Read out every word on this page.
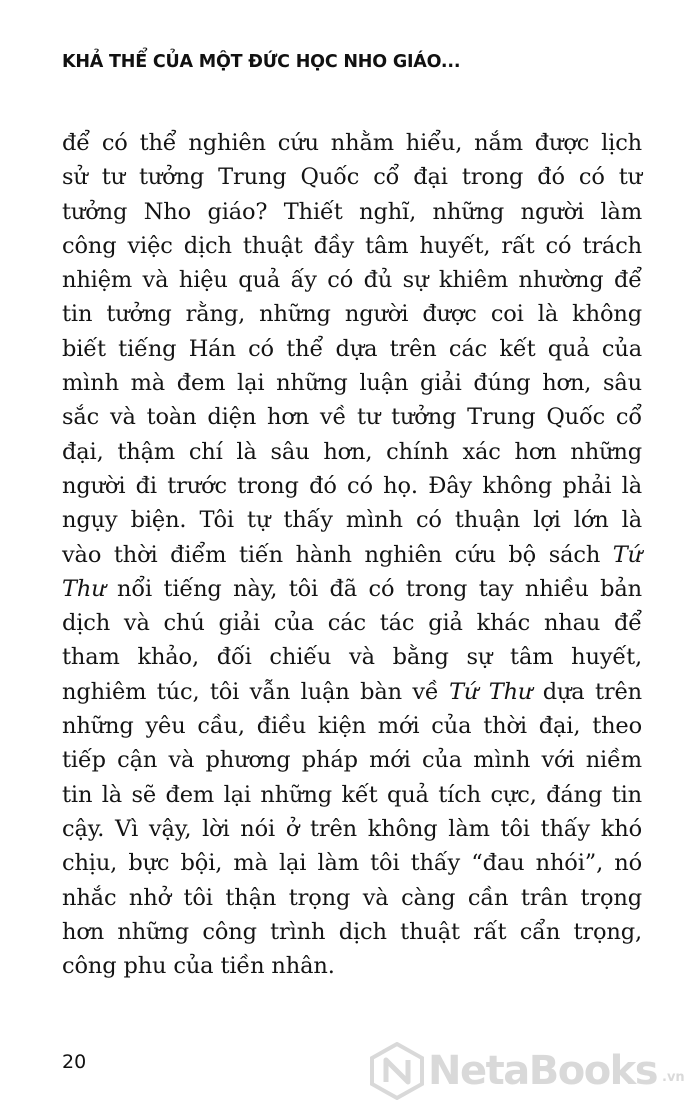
KHẢ THỂ CỦA MỘT ĐỨC HỌC NHO GIÁO...
để có thể nghiên cứu nhằm hiểu, nắm được lịch
sử tư tưởng Trung Quốc cổ đại trong đó có tư
tưởng Nho giáo? Thiết nghĩ, những người làm
công việc dịch thuật đầy tâm huyết, rất có trách
nhiệm và hiệu quả ấy có đủ sự khiêm nhường để
tin tưởng rằng, những người được coi là không
biết tiếng Hán có thể dựa trên các kết quả của
mình mà đem lại những luận giải đúng hơn, sâu
sắc và toàn diện hơn về tư tưởng Trung Quốc cổ
đại, thậm chí là sâu hơn, chính xác hơn những
người đi trước trong đó có họ. Đây không phải là
ngụy biện. Tôi tự thấy mình có thuận lợi lớn là
vào thời điểm tiến hành nghiên cứu bộ sách Tứ
Thư nổi tiếng này, tôi đã có trong tay nhiều bản
dịch và chú giải của các tác giả khác nhau để
tham khảo, đối chiếu và bằng sự tâm huyết,
nghiêm túc, tôi vẫn luận bàn về Tứ Thư dựa trên
những yêu cầu, điều kiện mới của thời đại, theo
tiếp cận và phương pháp mới của mình với niềm
tin là sẽ đem lại những kết quả tích cực, đáng tin
cậy. Vì vậy, lời nói ở trên không làm tôi thấy khó
chịu, bực bội, mà lại làm tôi thấy “đau nhói”, nó
nhắc nhở tôi thận trọng và càng cần trân trọng
hơn những công trình dịch thuật rất cẩn trọng,
công phu của tiền nhân.
20	NetaBooks .vn
